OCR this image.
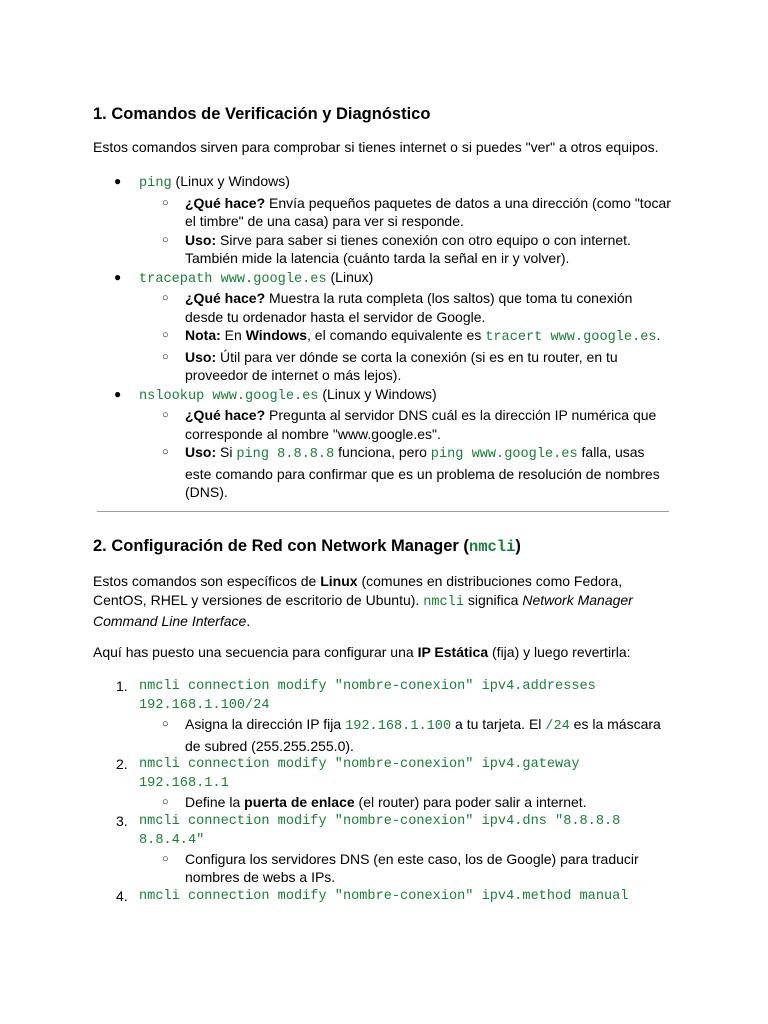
1. Comandos de Verificación y Diagnóstico

Estos comandos sirven para comprobar si tienes internet o si puedes "ver" a otros equipos.

● ping (Linux y Windows)
○ ¿Qué hace? Envía pequeños paquetes de datos a una dirección (como "tocar el timbre" de una casa) para ver si responde.
○ Uso: Sirve para saber si tienes conexión con otro equipo o con internet. También mide la latencia (cuánto tarda la señal en ir y volver).
● tracepath www.google.es (Linux)
○ ¿Qué hace? Muestra la ruta completa (los saltos) que toma tu conexión desde tu ordenador hasta el servidor de Google.
○ Nota: En Windows, el comando equivalente es tracert www.google.es.
○ Uso: Útil para ver dónde se corta la conexión (si es en tu router, en tu proveedor de internet o más lejos).
● nslookup www.google.es (Linux y Windows)
○ ¿Qué hace? Pregunta al servidor DNS cuál es la dirección IP numérica que corresponde al nombre "www.google.es".
○ Uso: Si ping 8.8.8.8 funciona, pero ping www.google.es falla, usas este comando para confirmar que es un problema de resolución de nombres (DNS).
2. Configuración de Red con Network Manager (nmcli)

Estos comandos son específicos de Linux (comunes en distribuciones como Fedora, CentOS, RHEL y versiones de escritorio de Ubuntu). nmcli significa Network Manager Command Line Interface.

Aquí has puesto una secuencia para configurar una IP Estática (fija) y luego revertirla:

1. nmcli connection modify "nombre-conexion" ipv4.addresses 192.168.1.100/24
○ Asigna la dirección IP fija 192.168.1.100 a tu tarjeta. El /24 es la máscara de subred (255.255.255.0).
2. nmcli connection modify "nombre-conexion" ipv4.gateway 192.168.1.1
○ Define la puerta de enlace (el router) para poder salir a internet.
3. nmcli connection modify "nombre-conexion" ipv4.dns "8.8.8.8 8.8.4.4"
○ Configura los servidores DNS (en este caso, los de Google) para traducir nombres de webs a IPs.
4. nmcli connection modify "nombre-conexion" ipv4.method manual
